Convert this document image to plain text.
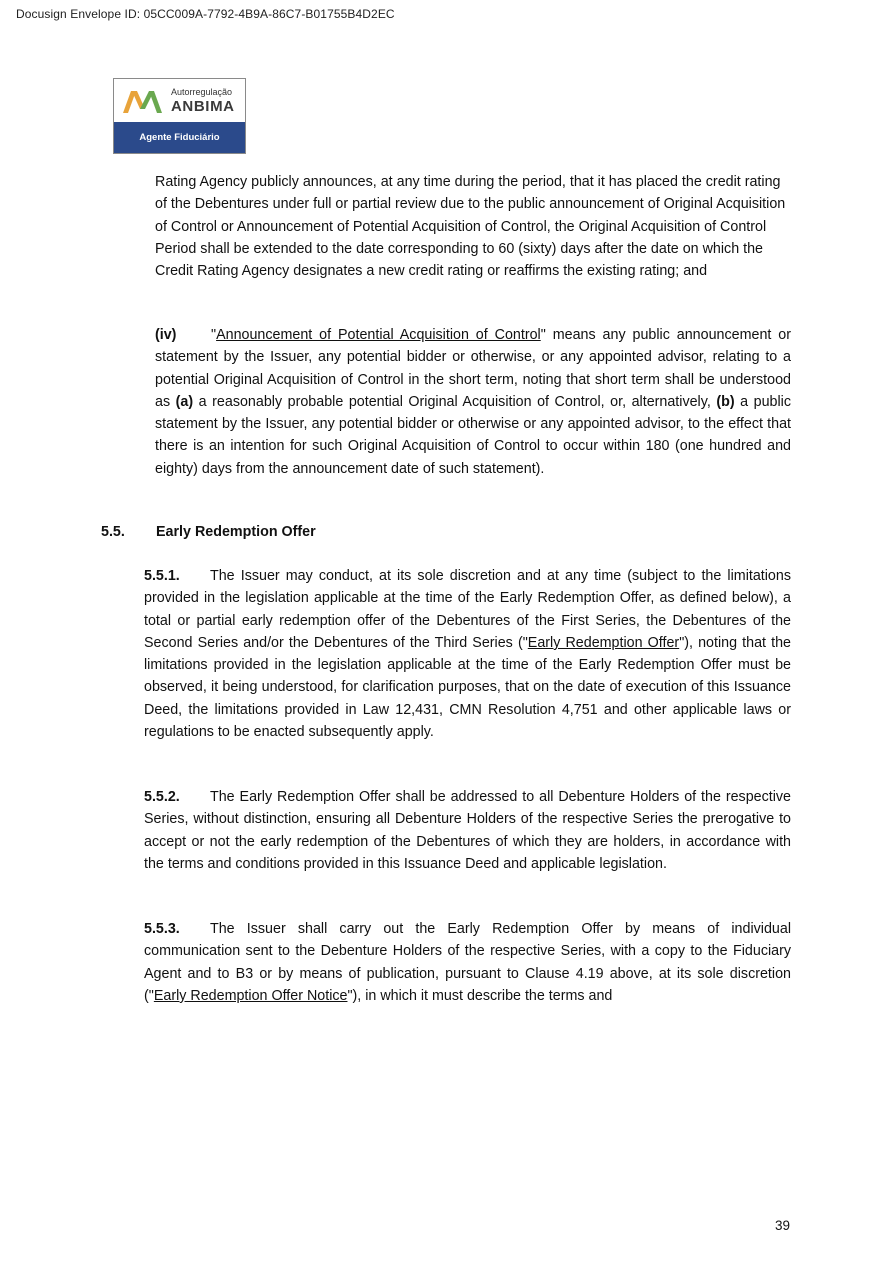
Docusign Envelope ID: 05CC009A-7792-4B9A-86C7-B01755B4D2EC
Autorregulação
ANBIMA
Agente Fiduciário

Rating Agency publicly announces, at any time during the period, that it has placed the credit rating of the Debentures under full or partial review due to the public announcement of Original Acquisition of Control or Announcement of Potential Acquisition of Control, the Original Acquisition of Control Period shall be extended to the date corresponding to 60 (sixty) days after the date on which the Credit Rating Agency designates a new credit rating or reaffirms the existing rating; and

(iv) "Announcement of Potential Acquisition of Control" means any public announcement or statement by the Issuer, any potential bidder or otherwise, or any appointed advisor, relating to a potential Original Acquisition of Control in the short term, noting that short term shall be understood as (a) a reasonably probable potential Original Acquisition of Control, or, alternatively, (b) a public statement by the Issuer, any potential bidder or otherwise or any appointed advisor, to the effect that there is an intention for such Original Acquisition of Control to occur within 180 (one hundred and eighty) days from the announcement date of such statement).

5.5. Early Redemption Offer

5.5.1. The Issuer may conduct, at its sole discretion and at any time (subject to the limitations provided in the legislation applicable at the time of the Early Redemption Offer, as defined below), a total or partial early redemption offer of the Debentures of the First Series, the Debentures of the Second Series and/or the Debentures of the Third Series ("Early Redemption Offer"), noting that the limitations provided in the legislation applicable at the time of the Early Redemption Offer must be observed, it being understood, for clarification purposes, that on the date of execution of this Issuance Deed, the limitations provided in Law 12,431, CMN Resolution 4,751 and other applicable laws or regulations to be enacted subsequently apply.

5.5.2. The Early Redemption Offer shall be addressed to all Debenture Holders of the respective Series, without distinction, ensuring all Debenture Holders of the respective Series the prerogative to accept or not the early redemption of the Debentures of which they are holders, in accordance with the terms and conditions provided in this Issuance Deed and applicable legislation.

5.5.3. The Issuer shall carry out the Early Redemption Offer by means of individual communication sent to the Debenture Holders of the respective Series, with a copy to the Fiduciary Agent and to B3 or by means of publication, pursuant to Clause 4.19 above, at its sole discretion ("Early Redemption Offer Notice"), in which it must describe the terms and

39
